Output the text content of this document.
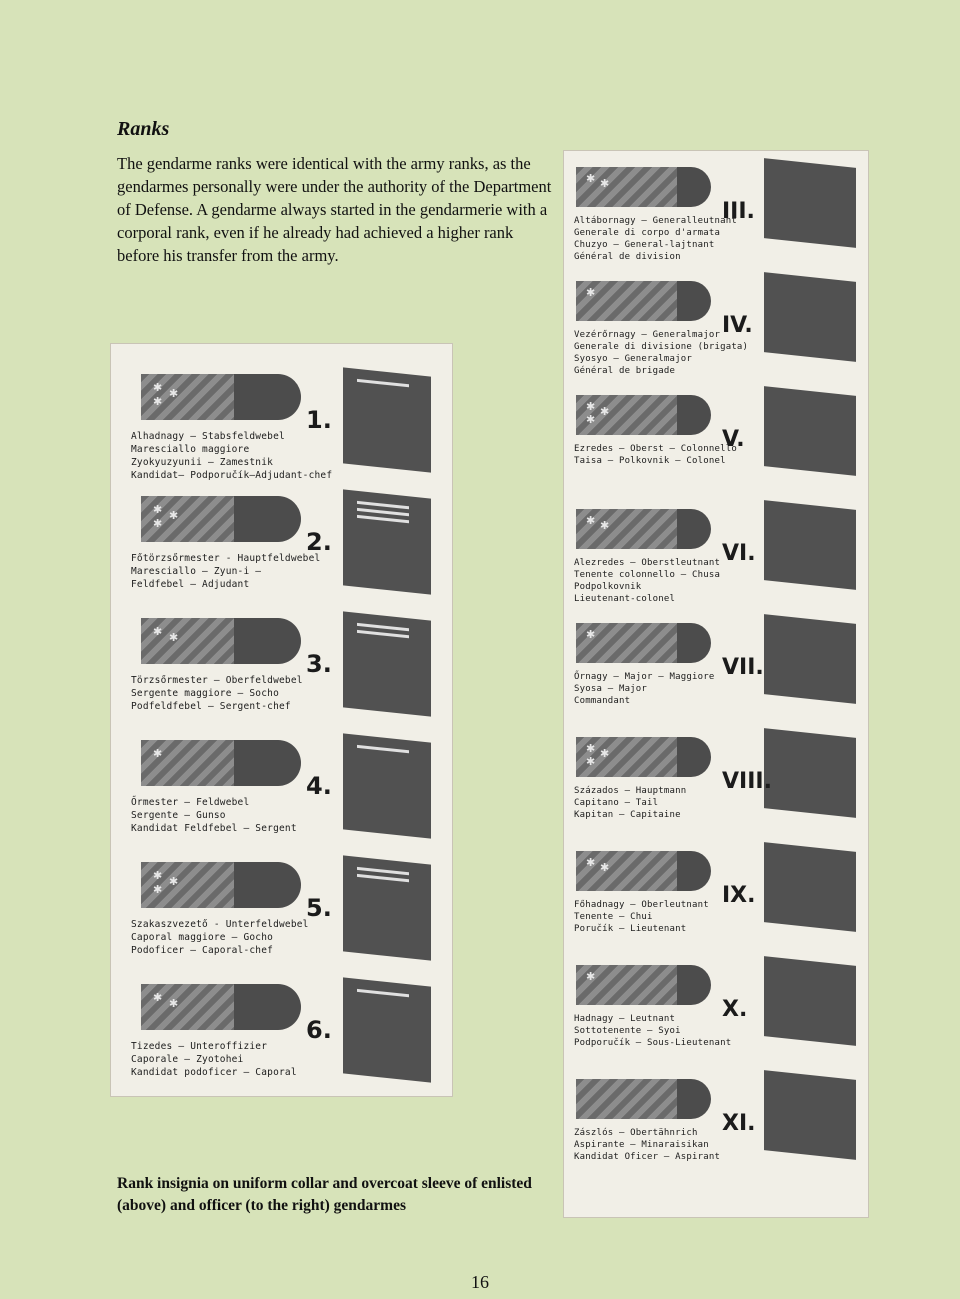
Ranks
The gendarme ranks were identical with the army ranks, as the gendarmes personally were under the authority of the Department of Defense. A gendarme always started in the gendarmerie with a corporal rank, even if he already had achieved a higher rank before his transfer from the army.
✱ ✱
✱
1.
Alhadnagy — Stabsfeldwebel
Maresciallo maggiore
Zyokyuzyunii — Zamestnik
Kandidat— Podporučík—Adjudant-chef
✱ ✱
✱
2.
Főtörzsőrmester - Hauptfeldwebel
Maresciallo — Zyun-i —
Feldfebel — Adjudant
✱ ✱
3.
Törzsőrmester — Oberfeldwebel
Sergente maggiore — Socho
Podfeldfebel — Sergent-chef
✱
4.
Őrmester — Feldwebel
Sergente — Gunso
Kandidat Feldfebel — Sergent
✱ ✱
✱
5.
Szakaszvezető - Unterfeldwebel
Caporal maggiore — Gocho
Podoficer — Caporal-chef
✱ ✱
6.
Tizedes — Unteroffizier
Caporale — Zyotohei
Kandidat podoficer — Caporal
✱ ✱
III.
Altábornagy — Generalleutnant
Generale di corpo d'armata
Chuzyo — General-lajtnant
Général de division
✱
IV.
Vezérőrnagy — Generalmajor
Generale di divisione (brigata)
Syosyo — Generalmajor
Général de brigade
✱ ✱
✱
V.
Ezredes — Oberst — Colonnello
Taisa — Polkovnik — Colonel
✱ ✱
VI.
Alezredes — Oberstleutnant
Tenente colonnello — Chusa
Podpolkovnik
Lieutenant-colonel
✱
VII.
Őrnagy — Major — Maggiore
Syosa — Major
Commandant
✱ ✱
✱
VIII.
Százados — Hauptmann
Capitano — Tail
Kapitan — Capitaine
✱ ✱
IX.
Főhadnagy — Oberleutnant
Tenente — Chui
Poručík — Lieutenant
✱
X.
Hadnagy — Leutnant
Sottotenente — Syoi
Podporučík — Sous-Lieutenant
XI.
Zászlós — Obertähnrich
Aspirante — Minaraisikan
Kandidat Oficer — Aspirant
Rank insignia on uniform collar and overcoat sleeve of enlisted (above) and officer (to the right) gendarmes
16
